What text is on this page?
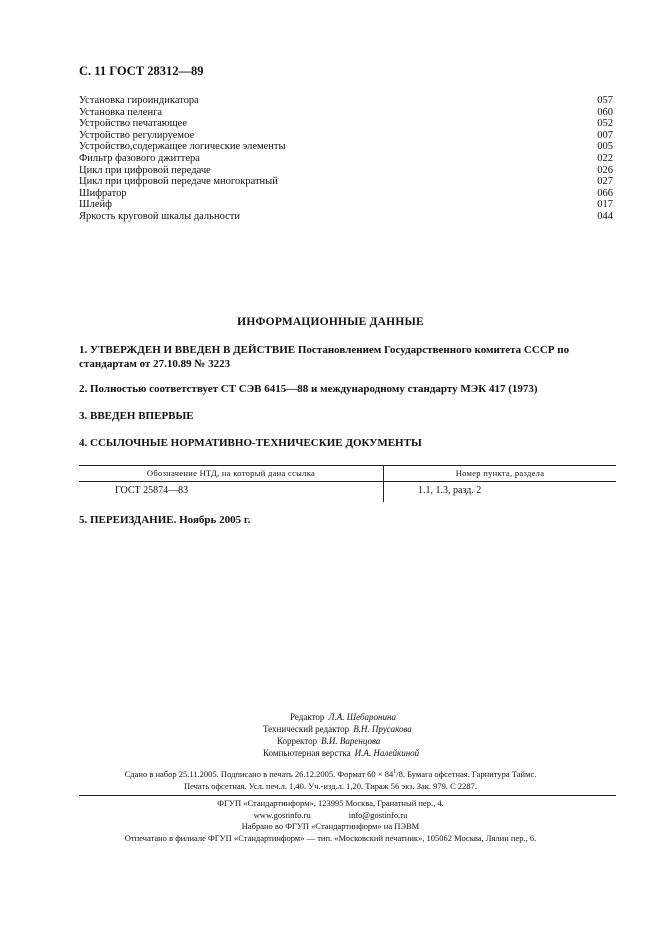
С. 11 ГОСТ 28312—89
Установка гироиндикатора	057
Установка пеленга	060
Устройство печатающее	052
Устройство регулируемое	007
Устройство,содержащее логические элементы	005
Фильтр фазового джиттера	022
Цикл при цифровой передаче	026
Цикл при цифровой передаче многократный	027
Шифратор	066
Шлейф	017
Яркость круговой шкалы дальности	044
ИНФОРМАЦИОННЫЕ ДАННЫЕ
1. УТВЕРЖДЕН И ВВЕДЕН В ДЕЙСТВИЕ Постановлением Государственного комитета СССР по стандартам от 27.10.89 № 3223
2. Полностью соответствует СТ СЭВ 6415—88 и международному стандарту МЭК 417 (1973)
3. ВВЕДЕН ВПЕРВЫЕ
4. ССЫЛОЧНЫЕ НОРМАТИВНО-ТЕХНИЧЕСКИЕ ДОКУМЕНТЫ
Обозначение НТД, на который дана ссылка	Номер пункта, раздела
ГОСТ 25874—83	1.1, 1.3, разд. 2
5. ПЕРЕИЗДАНИЕ. Ноябрь 2005 г.
Редактор Л.А. Шебаронина
Технический редактор В.Н. Прусакова
Корректор В.И. Варенцова
Компьютерная верстка И.А. Налейкиной
Сдано в набор 25.11.2005. Подписано в печать 26.12.2005. Формат $60 \times 84^1/8$. Бумага офсетная. Гарнитура Таймс.
Печать офсетная. Усл. печ.л. 1,40. Уч.-изд.л. 1,20. Тираж 56 экз. Зак. 979. С 2287.
ФГУП «Стандартинформ», 123995 Москва, Гранатный пер., 4.
www.gostinfo.ru	info@gostinfo.ru
Набрано во ФГУП «Стандартинформ» на ПЭВМ
Отпечатано в филиале ФГУП «Стандартинформ» — тип. «Московский печатник», 105062 Москва, Лялин пер., 6.
